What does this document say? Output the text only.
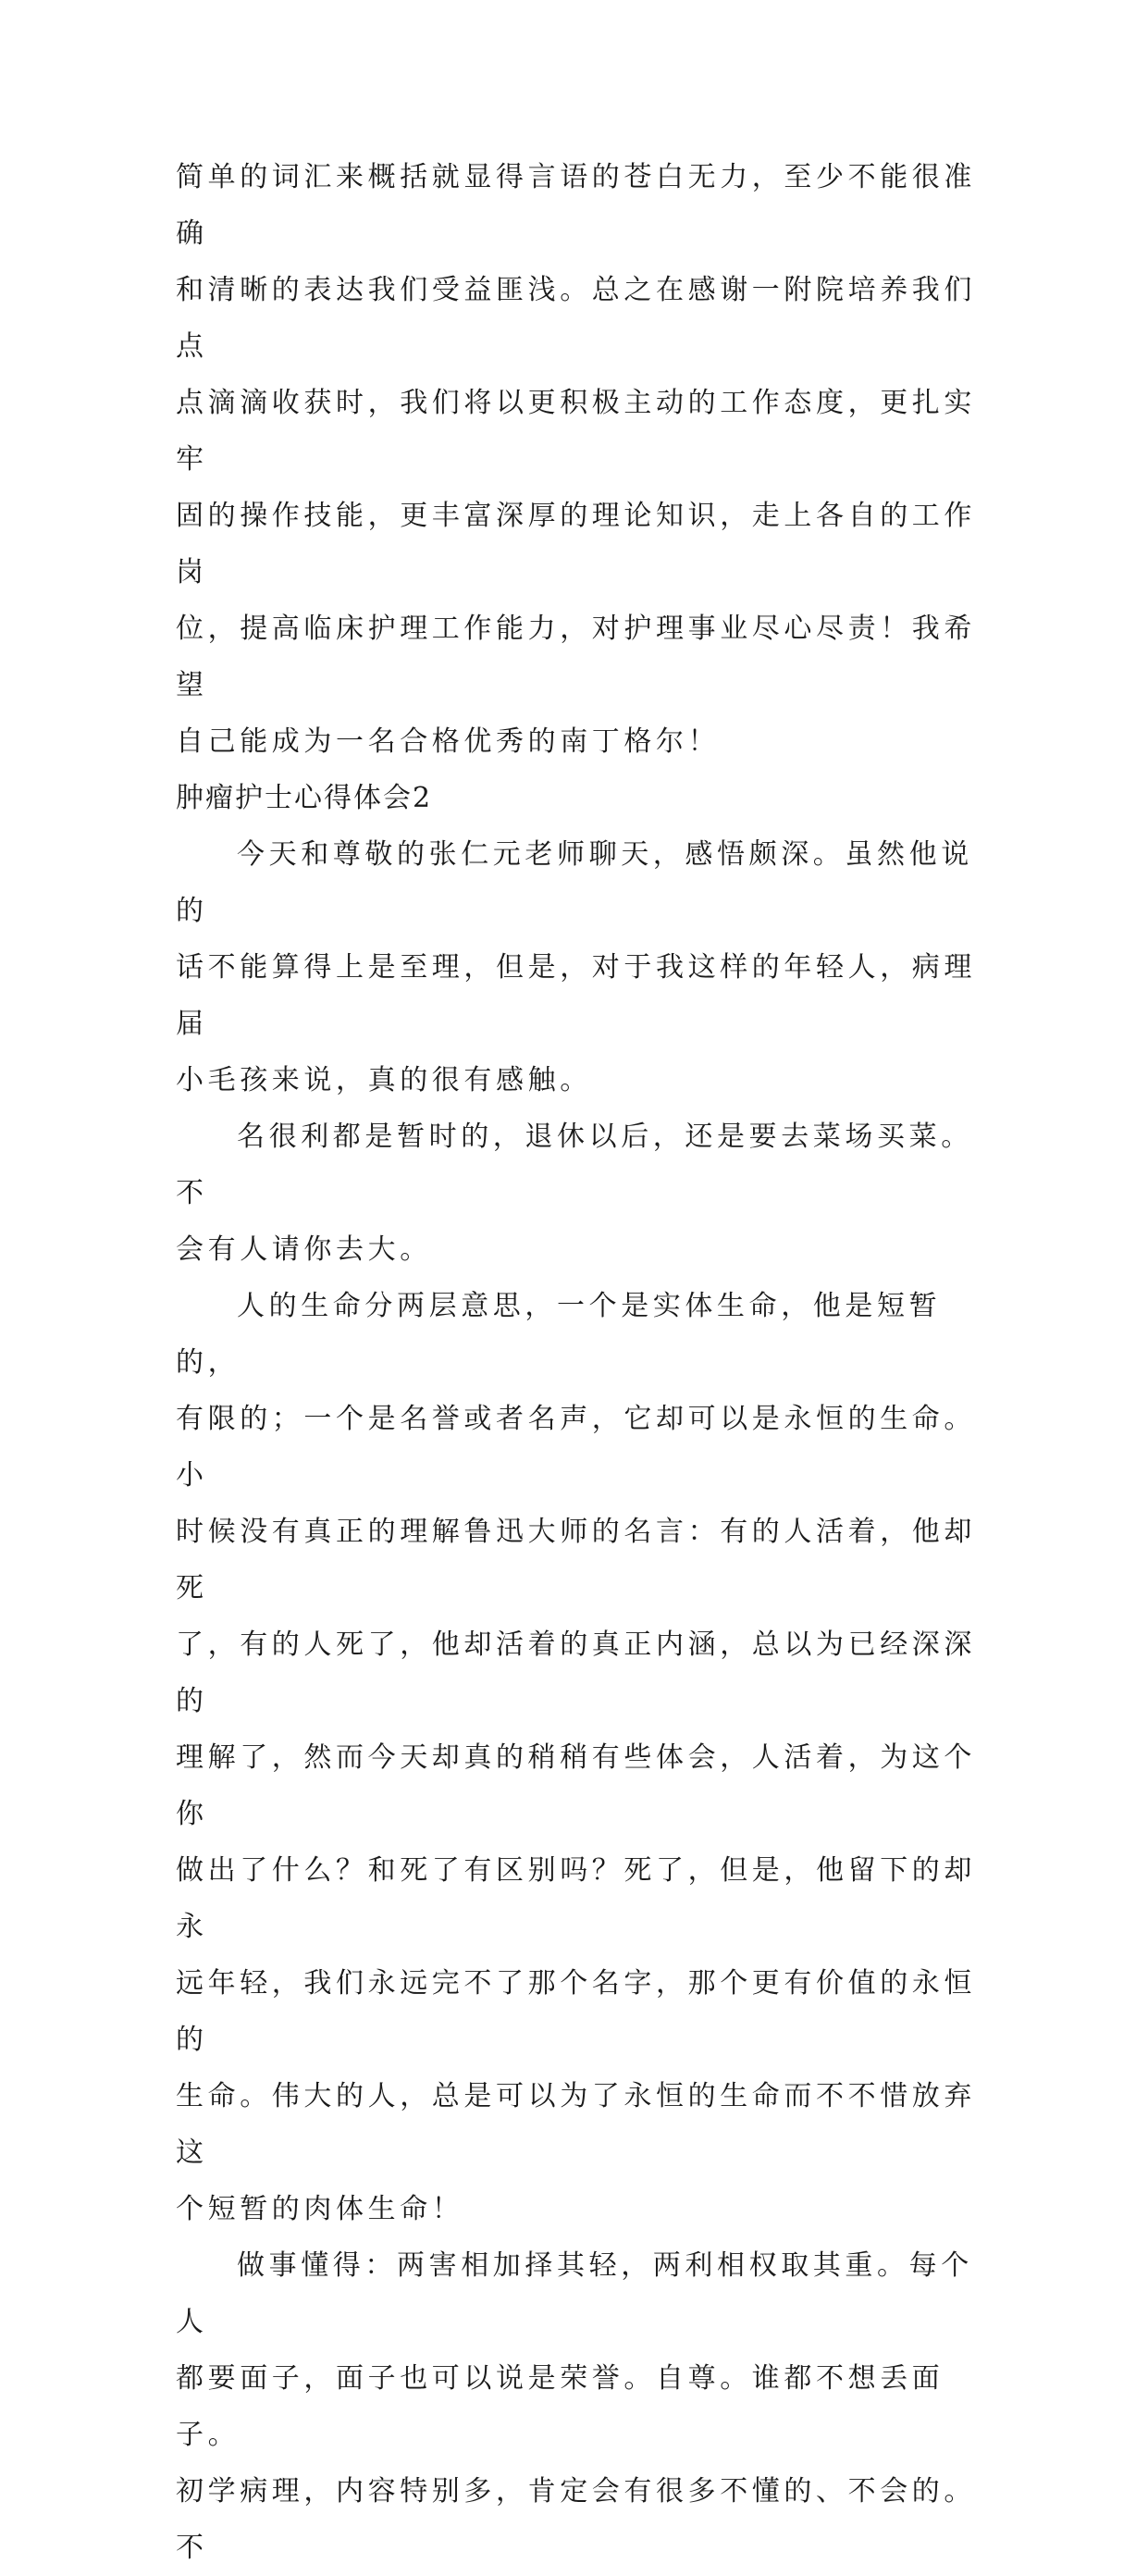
简单的词汇来概括就显得言语的苍白无力，至少不能很准确
和清晰的表达我们受益匪浅。总之在感谢一附院培养我们点
点滴滴收获时，我们将以更积极主动的工作态度，更扎实牢
固的操作技能，更丰富深厚的理论知识，走上各自的工作岗
位，提高临床护理工作能力，对护理事业尽心尽责！我希望
自己能成为一名合格优秀的南丁格尔！

肿瘤护士心得体会2

今天和尊敬的张仁元老师聊天，感悟颇深。虽然他说的
话不能算得上是至理，但是，对于我这样的年轻人，病理届
小毛孩来说，真的很有感触。

名很利都是暂时的，退休以后，还是要去菜场买菜。不
会有人请你去大。

人的生命分两层意思，一个是实体生命，他是短暂的，
有限的；一个是名誉或者名声，它却可以是永恒的生命。小
时候没有真正的理解鲁迅大师的名言：有的人活着，他却死
了，有的人死了，他却活着的真正内涵，总以为已经深深的
理解了，然而今天却真的稍稍有些体会，人活着，为这个你
做出了什么？和死了有区别吗？死了，但是，他留下的却永
远年轻，我们永远完不了那个名字，那个更有价值的永恒的
生命。伟大的人，总是可以为了永恒的生命而不不惜放弃这
个短暂的肉体生命！

做事懂得：两害相加择其轻，两利相权取其重。每个人
都要面子，面子也可以说是荣誉。自尊。谁都不想丢面子。
初学病理，内容特别多，肯定会有很多不懂的、不会的。不
